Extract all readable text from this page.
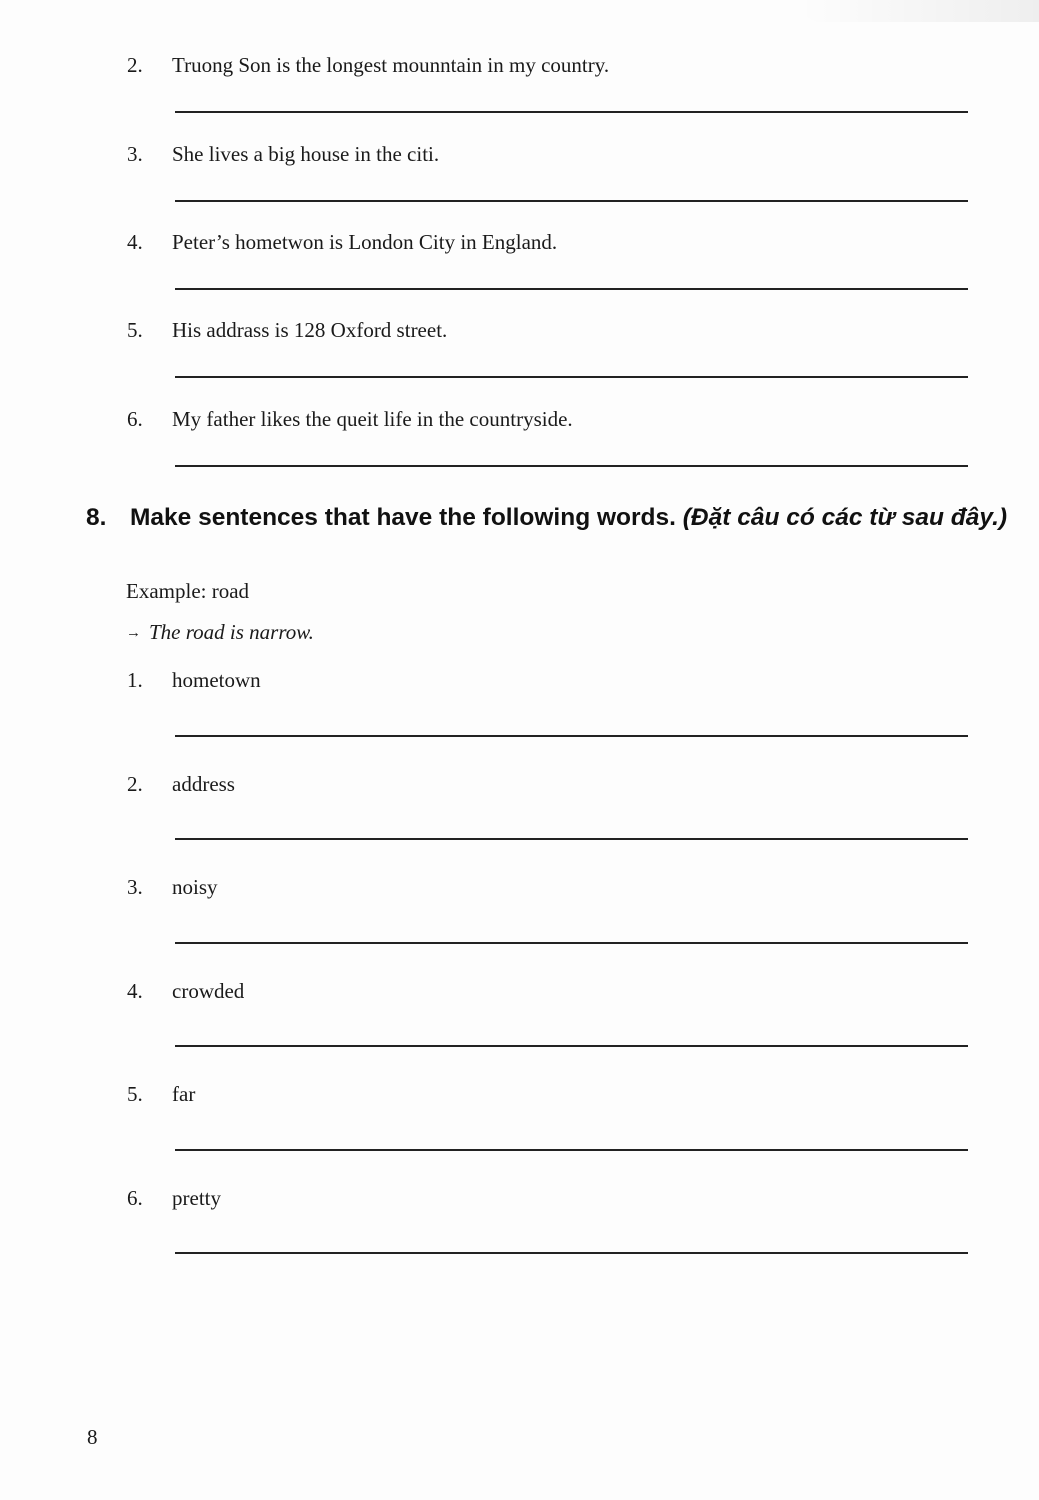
2. Truong Son is the longest mounntain in my country.
3. She lives a big house in the citi.
4. Peter’s hometwon is London City in England.
5. His addrass is 128 Oxford street.
6. My father likes the queit life in the countryside.
8. Make sentences that have the following words. (Đặt câu có các từ sau đây.)
Example: road
→ The road is narrow.
1. hometown
2. address
3. noisy
4. crowded
5. far
6. pretty
8
